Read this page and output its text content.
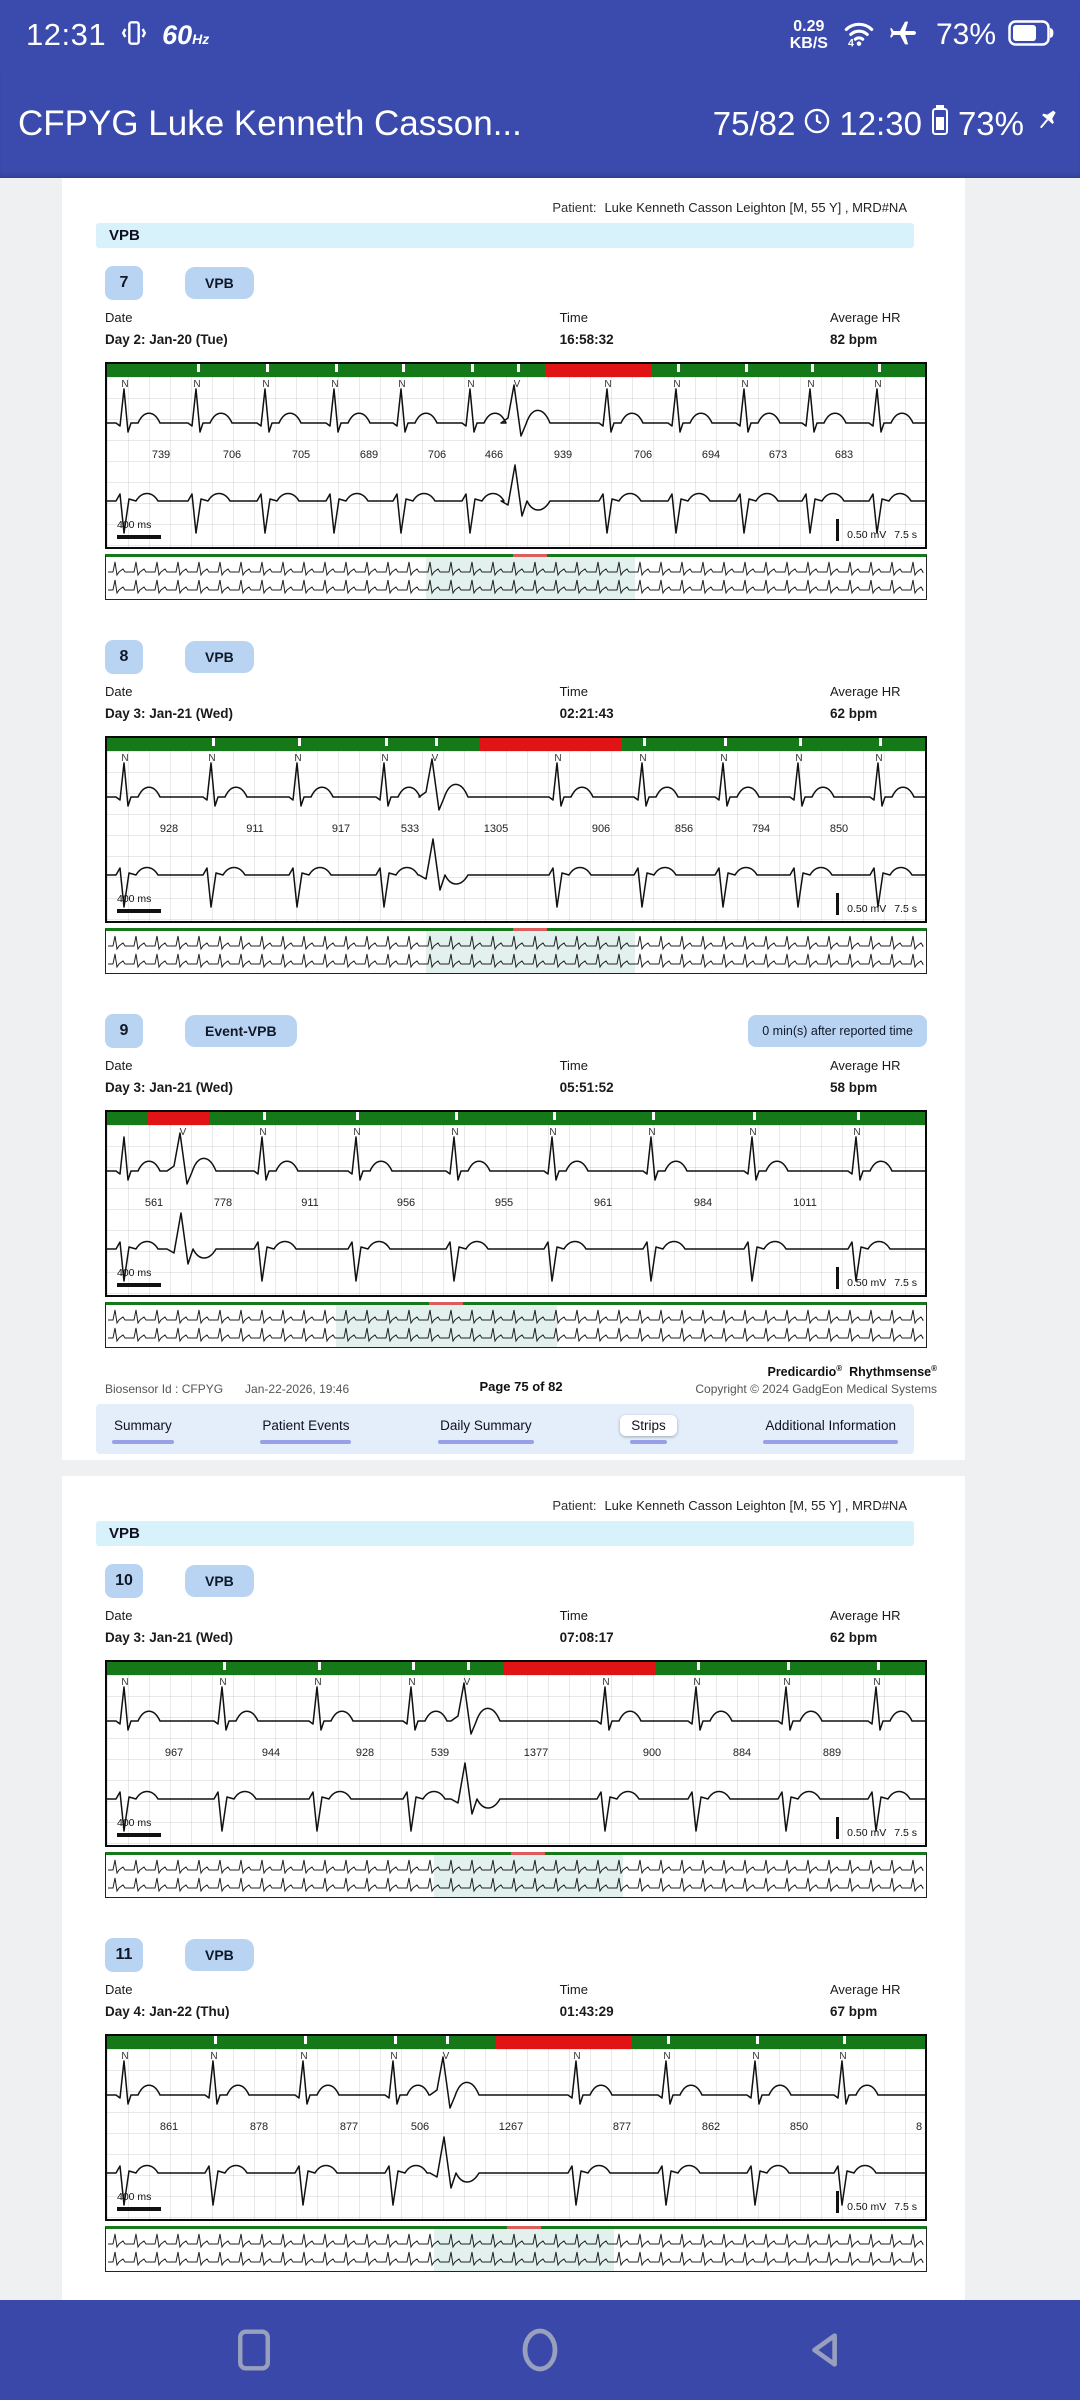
12:31 60Hz
0.29
KB/S	4	73%
CFPYG Luke Kenneth Casson...	75/82 12:30 73%
Patient: Luke Kenneth Casson Leighton [M, 55 Y] , MRD#NA
VPB
7	VPB
Date
Day 2: Jan-20 (Tue)
Time
16:58:32
Average HR
82 bpm
N	N	N	N	N	N	V	N	N	N	N	N
739	706	705	689	706	466	939	706	694	673	683
400 ms
0.50 mV 7.5 s
8	VPB
Date
Day 3: Jan-21 (Wed)
Time
02:21:43
Average HR
62 bpm
N	N	N	N	V	N	N	N	N	N
928	911	917	533	1305	906	856	794	850
400 ms
0.50 mV 7.5 s
9	Event-VPB	0 min(s) after reported time
Date
Day 3: Jan-21 (Wed)
Time
05:51:52
Average HR
58 bpm
V	N	N	N	N	N	N	N
561	778	911	956	955	961	984	1011
400 ms
0.50 mV 7.5 s
Biosensor Id : CFPYG Jan-22-2026, 19:46	Page 75 of 82
Predicardio® Rhythmsense®
Copyright © 2024 GadgEon Medical Systems
Summary	Patient Events	Daily Summary	Strips	Additional Information
Patient: Luke Kenneth Casson Leighton [M, 55 Y] , MRD#NA
VPB
10	VPB
Date
Day 3: Jan-21 (Wed)
Time
07:08:17
Average HR
62 bpm
N	N	N	N	V	N	N	N	N
967	944	928	539	1377	900	884	889
400 ms
0.50 mV 7.5 s
11	VPB
Date
Day 4: Jan-22 (Thu)
Time
01:43:29
Average HR
67 bpm
N	N	N	N	V	N	N	N	N
861	878	877	506	1267	877	862	850	8
400 ms
0.50 mV 7.5 s
